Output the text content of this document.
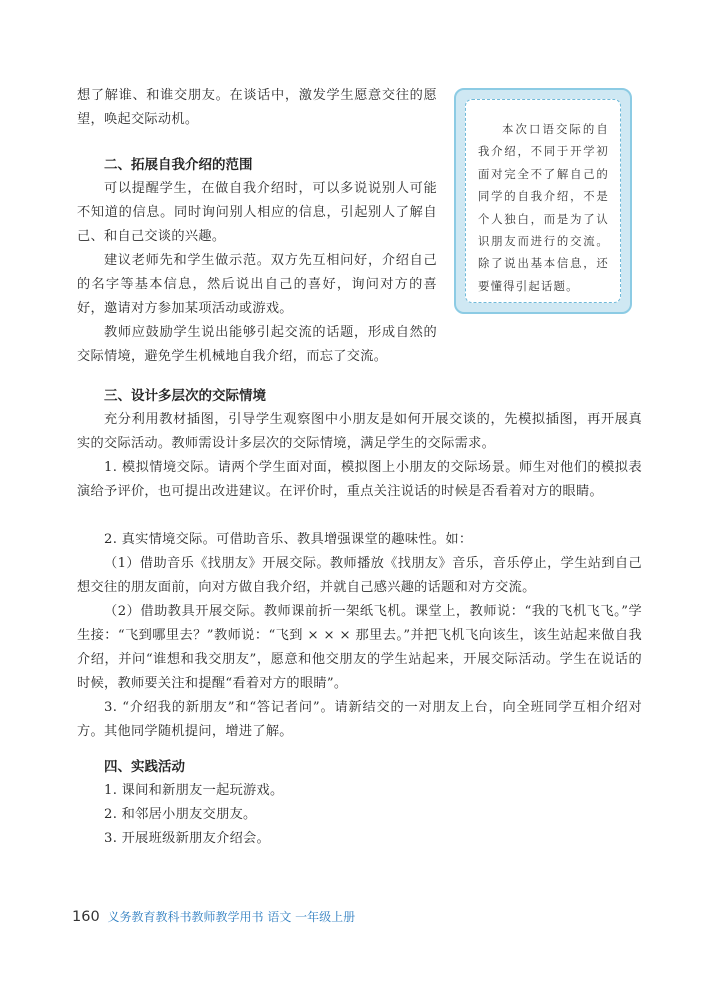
想了解谁、和谁交朋友。在谈话中，激发学生愿意交往的愿望，唤起交际动机。

二、拓展自我介绍的范围

可以提醒学生，在做自我介绍时，可以多说说别人可能不知道的信息。同时询问别人相应的信息，引起别人了解自己、和自己交谈的兴趣。

建议老师先和学生做示范。双方先互相问好，介绍自己的名字等基本信息，然后说出自己的喜好，询问对方的喜好，邀请对方参加某项活动或游戏。

教师应鼓励学生说出能够引起交流的话题，形成自然的交际情境，避免学生机械地自我介绍，而忘了交流。

本次口语交际的自我介绍，不同于开学初面对完全不了解自己的同学的自我介绍，不是个人独白，而是为了认识朋友而进行的交流。除了说出基本信息，还要懂得引起话题。

三、设计多层次的交际情境

充分利用教材插图，引导学生观察图中小朋友是如何开展交谈的，先模拟插图，再开展真实的交际活动。教师需设计多层次的交际情境，满足学生的交际需求。

1. 模拟情境交际。请两个学生面对面，模拟图上小朋友的交际场景。师生对他们的模拟表演给予评价，也可提出改进建议。在评价时，重点关注说话的时候是否看着对方的眼睛。

2. 真实情境交际。可借助音乐、教具增强课堂的趣味性。如：

（1）借助音乐《找朋友》开展交际。教师播放《找朋友》音乐，音乐停止，学生站到自己想交往的朋友面前，向对方做自我介绍，并就自己感兴趣的话题和对方交流。

（2）借助教具开展交际。教师课前折一架纸飞机。课堂上，教师说：“我的飞机飞飞。”学生接：“飞到哪里去？”教师说：“飞到 × × × 那里去。”并把飞机飞向该生，该生站起来做自我介绍，并问“谁想和我交朋友”，愿意和他交朋友的学生站起来，开展交际活动。学生在说话的时候，教师要关注和提醒“看着对方的眼睛”。

3. “介绍我的新朋友”和“答记者问”。请新结交的一对朋友上台，向全班同学互相介绍对方。其他同学随机提问，增进了解。

四、实践活动

1. 课间和新朋友一起玩游戏。

2. 和邻居小朋友交朋友。

3. 开展班级新朋友介绍会。

160 义务教育教科书教师教学用书 语文 一年级上册
